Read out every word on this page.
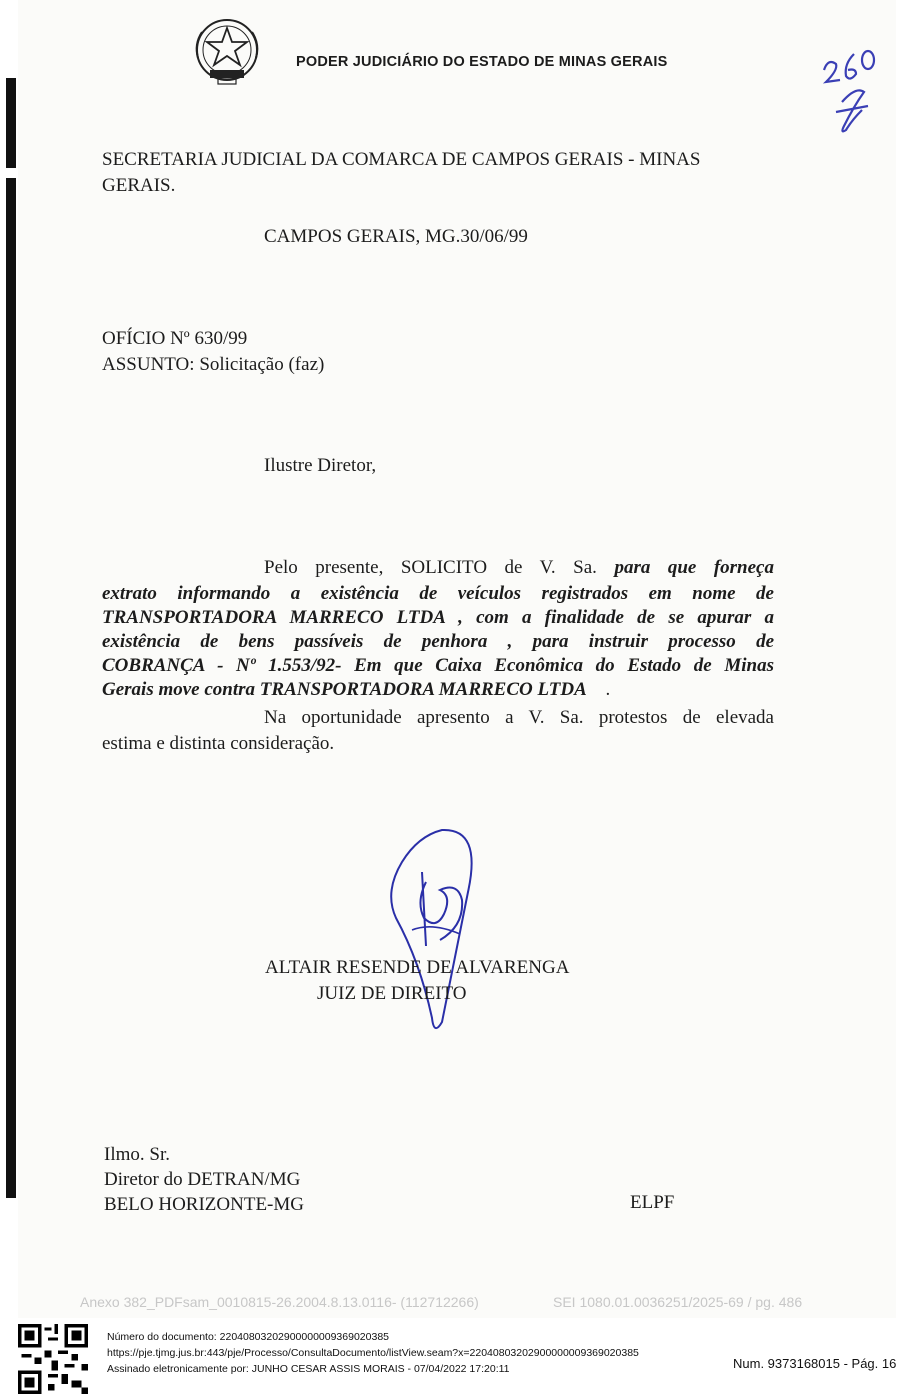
PODER JUDICIÁRIO DO ESTADO DE MINAS GERAIS
SECRETARIA JUDICIAL DA COMARCA DE CAMPOS GERAIS - MINAS
GERAIS.
CAMPOS GERAIS, MG.30/06/99
OFÍCIO Nº 630/99
ASSUNTO: Solicitação (faz)
Ilustre Diretor,
Pelo presente, SOLICITO de V. Sa. para que forneça
extrato informando a existência de veículos registrados em nome de
TRANSPORTADORA MARRECO LTDA , com a finalidade de se apurar a
existência de bens passíveis de penhora , para instruir processo de
COBRANÇA - Nº 1.553/92- Em que Caixa Econômica do Estado de Minas
Gerais move contra TRANSPORTADORA MARRECO LTDA .
Na oportunidade apresento a V. Sa. protestos de elevada
estima e distinta consideração.
ALTAIR RESENDE DE ALVARENGA
JUIZ DE DIREITO
Ilmo. Sr.
Diretor do DETRAN/MG
BELO HORIZONTE-MG	ELPF
Anexo 382_PDFsam_0010815-26.2004.8.13.0116- (112712266)	SEI 1080.01.0036251/2025-69 / pg. 486
Número do documento: 22040803202900000009369020385
https://pje.tjmg.jus.br:443/pje/Processo/ConsultaDocumento/listView.seam?x=22040803202900000009369020385
Assinado eletronicamente por: JUNHO CESAR ASSIS MORAIS - 07/04/2022 17:20:11	Num. 9373168015 - Pág. 16
